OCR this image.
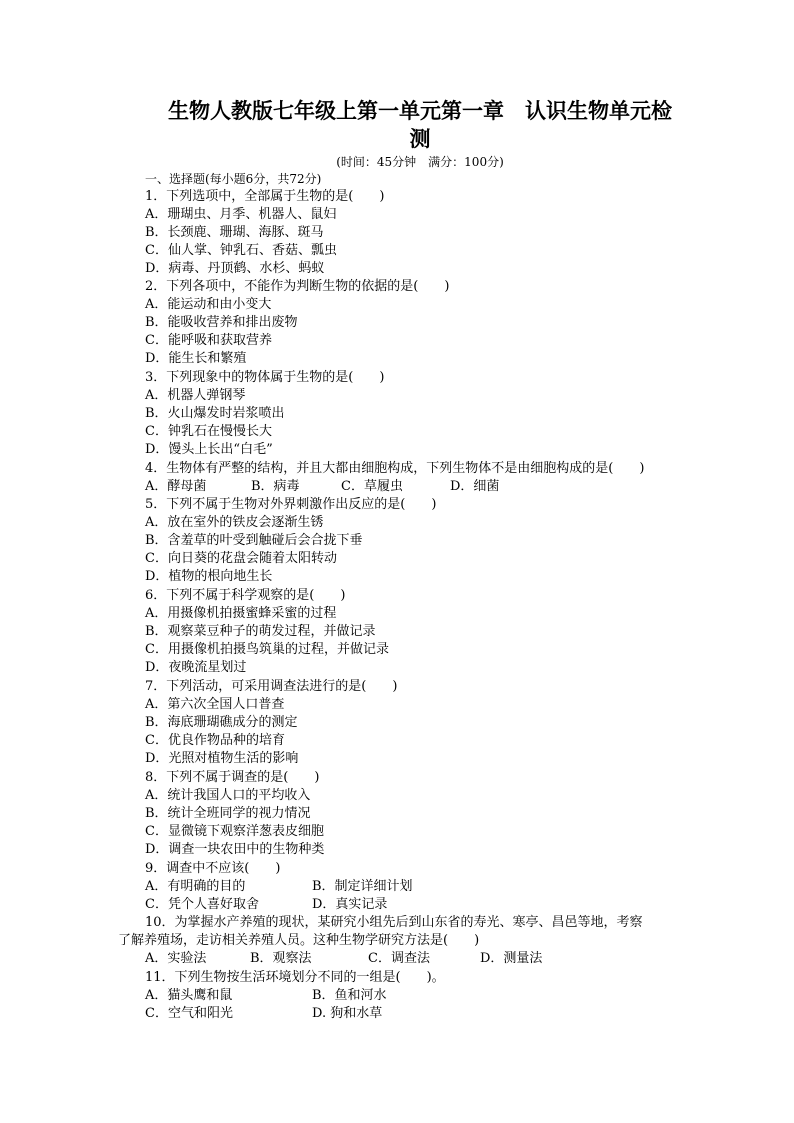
生物人教版七年级上第一单元第一章　认识生物单元检
测
(时间：45分钟　满分：100分)
一、选择题(每小题6分，共72分)
1．下列选项中，全部属于生物的是(　　)
A．珊瑚虫、月季、机器人、鼠妇
B．长颈鹿、珊瑚、海豚、斑马
C．仙人掌、钟乳石、香菇、瓢虫
D．病毒、丹顶鹤、水杉、蚂蚁
2．下列各项中，不能作为判断生物的依据的是(　　)
A．能运动和由小变大
B．能吸收营养和排出废物
C．能呼吸和获取营养
D．能生长和繁殖
3．下列现象中的物体属于生物的是(　　)
A．机器人弹钢琴
B．火山爆发时岩浆喷出
C．钟乳石在慢慢长大
D．馒头上长出“白毛”
4．生物体有严整的结构，并且大都由细胞构成，下列生物体不是由细胞构成的是(　　)
A．酵母菌	B．病毒	C．草履虫	D．细菌
5．下列不属于生物对外界刺激作出反应的是(　　)
A．放在室外的铁皮会逐渐生锈
B．含羞草的叶受到触碰后会合拢下垂
C．向日葵的花盘会随着太阳转动
D．植物的根向地生长
6．下列不属于科学观察的是(　　)
A．用摄像机拍摄蜜蜂采蜜的过程
B．观察菜豆种子的萌发过程，并做记录
C．用摄像机拍摄鸟筑巢的过程，并做记录
D．夜晚流星划过
7．下列活动，可采用调查法进行的是(　　)
A．第六次全国人口普查
B．海底珊瑚礁成分的测定
C．优良作物品种的培育
D．光照对植物生活的影响
8．下列不属于调查的是(　　)
A．统计我国人口的平均收入
B．统计全班同学的视力情况
C．显微镜下观察洋葱表皮细胞
D．调查一块农田中的生物种类
9．调查中不应该(　　)
A．有明确的目的	B．制定详细计划
C．凭个人喜好取舍	D．真实记录
10．为掌握水产养殖的现状，某研究小组先后到山东省的寿光、寒亭、昌邑等地，考察
了解养殖场，走访相关养殖人员。这种生物学研究方法是(　　)
A．实验法	B．观察法	C．调查法	D．测量法
11．下列生物按生活环境划分不同的一组是(　　)。
A．猫头鹰和鼠	B．鱼和河水
C．空气和阳光	D. 狗和水草
